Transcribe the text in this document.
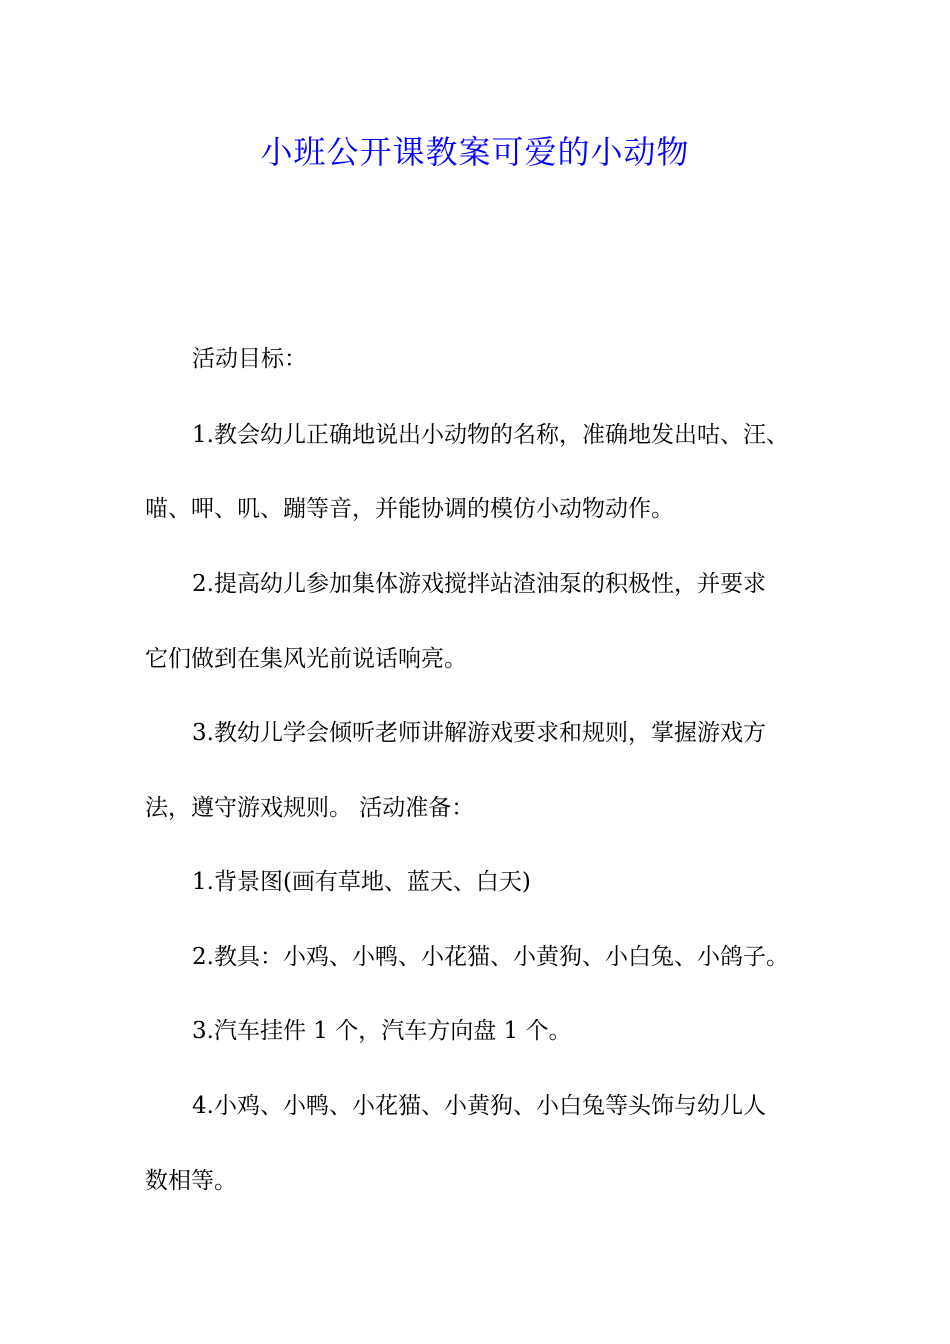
小班公开课教案可爱的小动物

活动目标：

1.教会幼儿正确地说出小动物的名称，准确地发出咕、汪、

喵、呷、叽、蹦等音，并能协调的模仿小动物动作。

2.提高幼儿参加集体游戏搅拌站渣油泵的积极性，并要求

它们做到在集风光前说话响亮。

3.教幼儿学会倾听老师讲解游戏要求和规则，掌握游戏方

法，遵守游戏规则。 活动准备：

1.背景图(画有草地、蓝天、白天)

2.教具：小鸡、小鸭、小花猫、小黄狗、小白兔、小鸽子。

3.汽车挂件 1 个，汽车方向盘 1 个。

4.小鸡、小鸭、小花猫、小黄狗、小白兔等头饰与幼儿人

数相等。
